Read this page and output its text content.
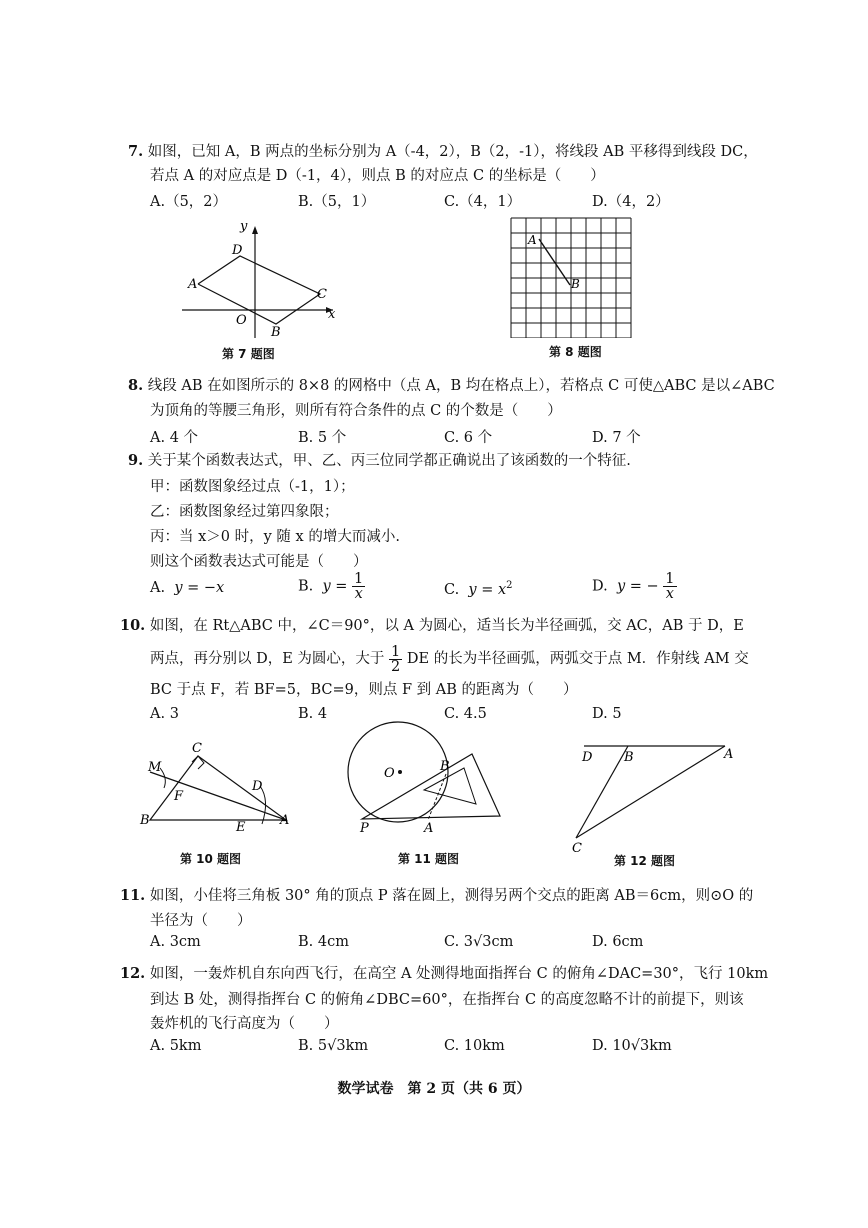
7. 如图，已知 A，B 两点的坐标分别为 A（-4，2），B（2，-1），将线段 AB 平移得到线段 DC，
若点 A 的对应点是 D（-1，4），则点 B 的对应点 C 的坐标是（　　）
A.（5，2）	B.（5，1）	C.（4，1）	D.（4，2）
y
x
O
A
B
C
D
第 7 题图
A
B
第 8 题图
8. 线段 AB 在如图所示的 8×8 的网格中（点 A，B 均在格点上），若格点 C 可使△ABC 是以∠ABC
为顶角的等腰三角形，则所有符合条件的点 C 的个数是（　　）
A. 4 个	B. 5 个	C. 6 个	D. 7 个
9. 关于某个函数表达式，甲、乙、丙三位同学都正确说出了该函数的一个特征.
甲：函数图象经过点（-1，1）；
乙：函数图象经过第四象限；
丙：当 x＞0 时，y 随 x 的增大而减小.
则这个函数表达式可能是（　　）
A. y = −x	B. $y = \frac{1}{x}$	C. $y = x^2$	D. y = − $\frac{1}{x}$
10. 如图，在 Rt△ABC 中，∠C＝90°，以 A 为圆心，适当长为半径画弧，交 AC，AB 于 D，E
两点，再分别以 D，E 为圆心，大于 $\frac{1}{2}$ DE 的长为半径画弧，两弧交于点 M．作射线 AM 交
BC 于点 F，若 BF=5，BC=9，则点 F 到 AB 的距离为（　　）
A. 3	B. 4	C. 4.5	D. 5
M
C
F
D
B	E	A
第 10 题图
O	B
P	A
第 11 题图
D B	A
C
第 12 题图
11. 如图，小佳将三角板 30° 角的顶点 P 落在圆上，测得另两个交点的距离 AB＝6cm，则⊙O 的
半径为（　　）
A. 3cm	B. 4cm	C. 3√3cm	D. 6cm
12. 如图，一轰炸机自东向西飞行，在高空 A 处测得地面指挥台 C 的俯角∠DAC=30°，飞行 10km
到达 B 处，测得指挥台 C 的俯角∠DBC=60°，在指挥台 C 的高度忽略不计的前提下，则该
轰炸机的飞行高度为（　　）
A. 5km	B. 5√3km	C. 10km	D. 10√3km
数学试卷　第 2 页（共 6 页）
